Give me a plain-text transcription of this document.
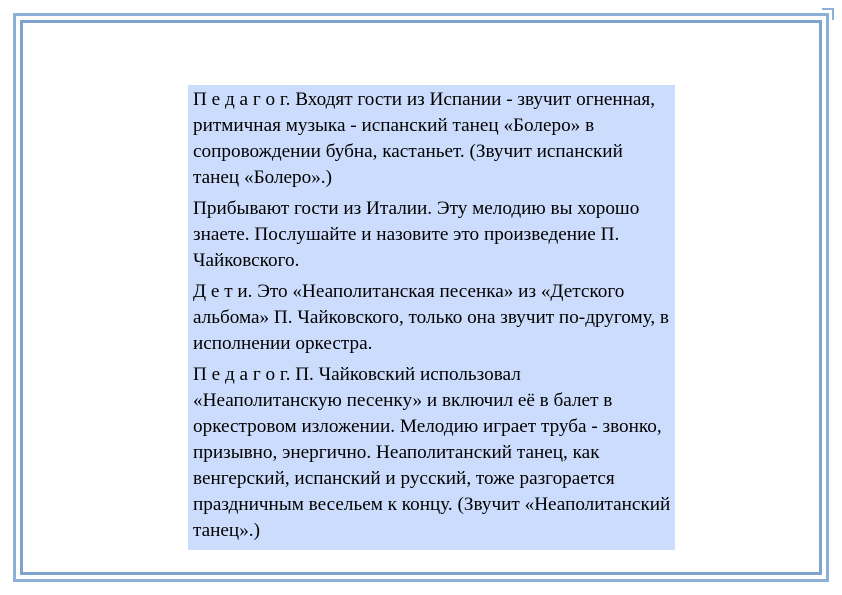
П е д а г о г. Входят гости из Испании - звучит огненная, ритмичная музыка - испанский танец «Болеро» в сопровождении бубна, кастаньет. (Звучит испанский танец «Болеро».)

Прибывают гости из Италии. Эту мелодию вы хорошо знаете. Послушайте и назовите это произведение П. Чайковского.

Д е т и. Это «Неаполитанская песенка» из «Детского альбома» П. Чайковского, только она звучит по-другому, в исполнении оркестра.

П е д а г о г. П. Чайковский использовал «Неаполитанскую песенку» и включил её в балет в оркестровом изложении. Мелодию играет труба - звонко, призывно, энергично. Неаполитанский танец, как венгерский, испанский и русский, тоже разгорается праздничным весельем к концу. (Звучит «Неаполитанский танец».)
